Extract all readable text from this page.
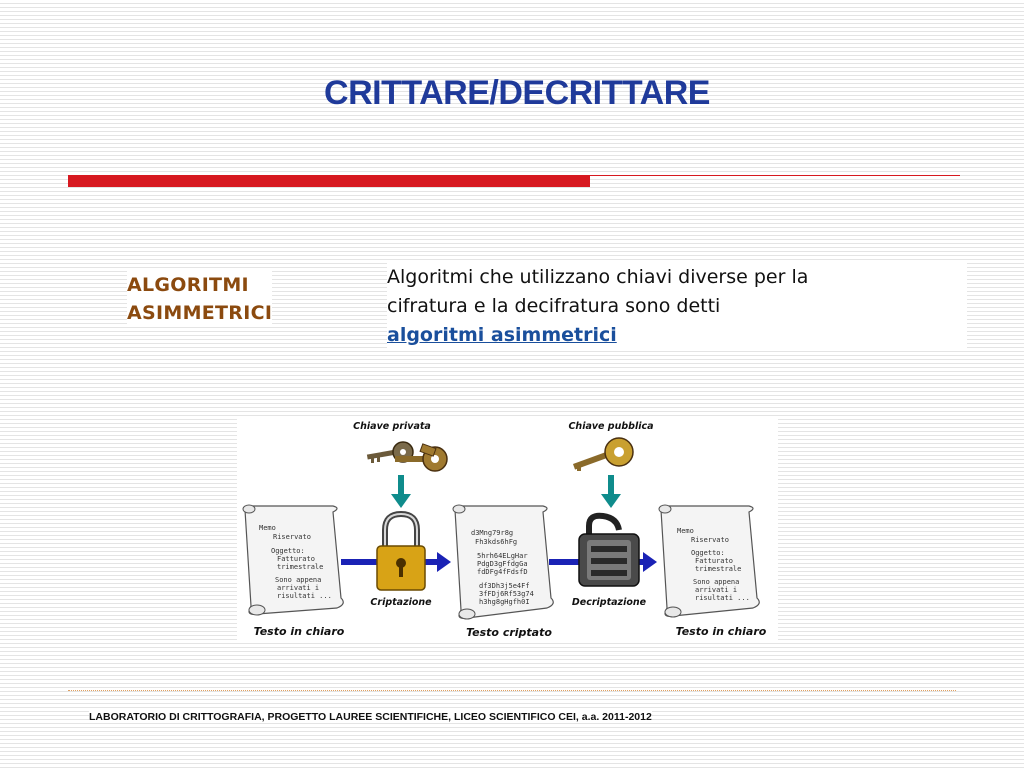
CRITTARE/DECRITTARE
ALGORITMI
ASIMMETRICI
Algoritmi che utilizzano chiavi diverse per la
cifratura e la decifratura sono detti
algoritmi asimmetrici
Chiave privata	Chiave pubblica
Memo
Riservato
Oggetto:
Fatturato
trimestrale
Sono appena
arrivati i
risultati ...
Criptazione
d3Mng79r8g
Fh3kds6hFg
5hrh64ELgHar
PdgD3gFfdgGa
fdDFg4fFdsfD
df3Dh3j5e4Ff
3fFDj6Rf53g74
h3hg8gHgfh0I	Decriptazione
Memo
Riservato
Oggetto:
Fatturato
trimestrale
Sono appena
arrivati i
risultati ...
Testo in chiaro	Testo criptato	Testo in chiaro
LABORATORIO DI CRITTOGRAFIA, PROGETTO LAUREE SCIENTIFICHE, LICEO SCIENTIFICO CEI, a.a. 2011-2012
